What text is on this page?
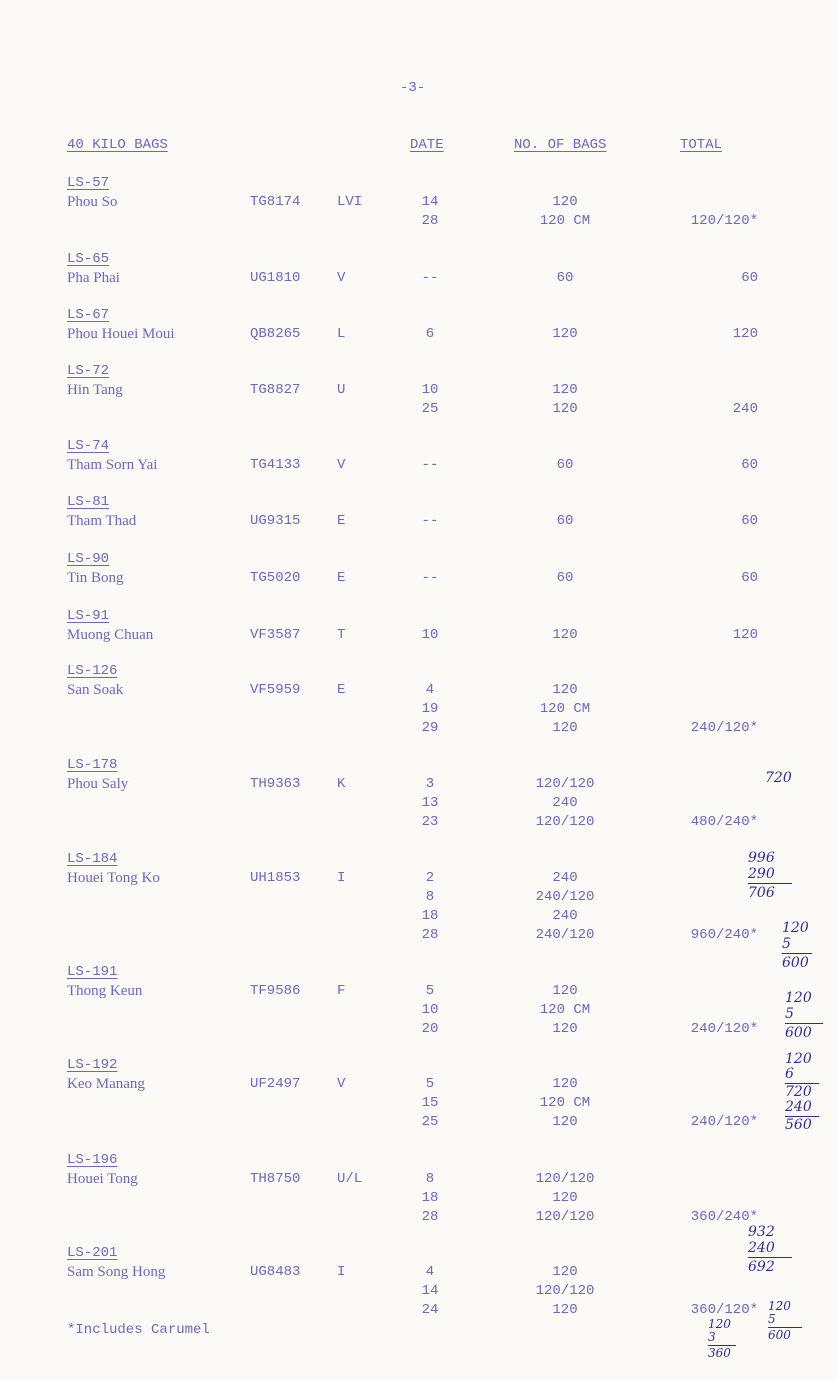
-3-
40 KILO BAGS	DATE	NO. OF BAGS	TOTAL
LS-57
Phou So	TG8174	LVI	14	120
28	120 CM	120/120*
LS-65
Pha Phai	UG1810	V	--	60	60
LS-67
Phou Houei Moui	QB8265	L	6	120	120
LS-72
Hin Tang	TG8827	U	10	120
25	120	240
LS-74
Tham Sorn Yai	TG4133	V	--	60	60
LS-81
Tham Thad	UG9315	E	--	60	60
LS-90
Tin Bong	TG5020	E	--	60	60
LS-91
Muong Chuan	VF3587	T	10	120	120
LS-126
San Soak	VF5959	E	4	120
19	120 CM
29	120	240/120*
LS-178
Phou Saly	TH9363	K	3	120/120
13	240
23	120/120	480/240*
LS-184
Houei Tong Ko	UH1853	I	2	240
8	240/120
18	240
28	240/120	960/240*
LS-191
Thong Keun	TF9586	F	5	120
10	120 CM
20	120	240/120*
LS-192
Keo Manang	UF2497	V	5	120
15	120 CM
25	120	240/120*
LS-196
Houei Tong	TH8750	U/L	8	120/120
18	120
28	120/120	360/240*
LS-201
Sam Song Hong	UG8483	I	4	120
14	120/120
24	120	360/120*
*Includes Carumel
720
996
290
706
120
5
600
120
5
600
120
6
720
240
560
932
240
692
120
5
600
120
3
360
